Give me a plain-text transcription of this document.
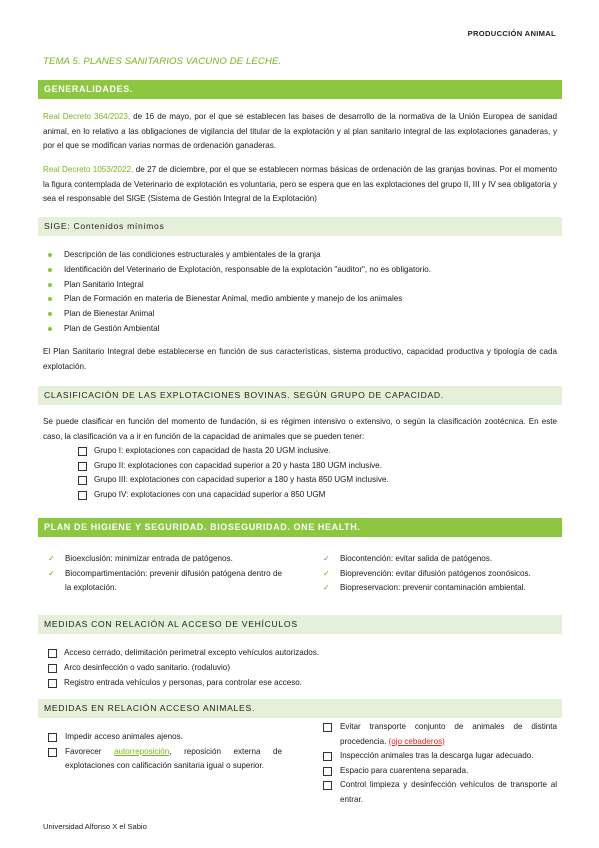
PRODUCCIÓN ANIMAL
TEMA 5. PLANES SANITARIOS VACUNO DE LECHE.
GENERALIDADES.

Real Decreto 364/2023, de 16 de mayo, por el que se establecen las bases de desarrollo de la normativa de la Unión Europea de sanidad animal, en lo relativo a las obligaciones de vigilancia del titular de la explotación y al plan sanitario integral de las explotaciones ganaderas, y por el que se modifican varias normas de ordenación ganaderas.

Real Decreto 1053/2022, de 27 de diciembre, por el que se establecen normas básicas de ordenación de las granjas bovinas. Por el momento la figura contemplada de Veterinario de explotación es voluntaria, pero se espera que en las explotaciones del grupo II, III y IV sea obligatoria y sea el responsable del SIGE (Sistema de Gestión Integral de la Explotación)

SIGE: Contenidos mínimos
Descripción de las condiciones estructurales y ambientales de la granja
Identificación del Veterinario de Explotación, responsable de la explotación "auditor", no es obligatorio.
Plan Sanitario Integral
Plan de Formación en materia de Bienestar Animal, medio ambiente y manejo de los animales
Plan de Bienestar Animal
Plan de Gestión Ambiental

El Plan Sanitario Integral debe establecerse en función de sus características, sistema productivo, capacidad productiva y tipología de cada explotación.

CLASIFICACIÓN DE LAS EXPLOTACIONES BOVINAS. SEGÚN GRUPO DE CAPACIDAD.

Se puede clasificar en función del momento de fundación, si es régimen intensivo o extensivo, o según la clasificación zootécnica. En este caso, la clasificación va a ir en función de la capacidad de animales que se pueden tener:

Grupo I: explotaciones con capacidad de hasta 20 UGM inclusive.
Grupo II: explotaciones con capacidad superior a 20 y hasta 180 UGM inclusive.
Grupo III: explotaciones con capacidad superior a 180 y hasta 850 UGM inclusive.
Grupo IV: explotaciones con una capacidad superior a 850 UGM
PLAN DE HIGIENE Y SEGURIDAD. BIOSEGURIDAD. ONE HEALTH.
✓ Bioexclusión: minimizar entrada de patógenos.
✓ Biocompartimentación: prevenir difusión patógena dentro de la explotación.
✓ Biocontención: evitar salida de patógenos.
✓ Bioprevención: evitar difusión patógenos zoonósicos.
✓ Biopreservacion: prevenir contaminación ambiental.
MEDIDAS CON RELACIÓN AL ACCESO DE VEHÍCULOS
Acceso cerrado, delimitación perimetral excepto vehículos autorizados.
Arco desinfección o vado sanitario. (rodaluvio)
Registro entrada vehículos y personas, para controlar ese acceso.
MEDIDAS EN RELACIÓN ACCESO ANIMALES.
Impedir acceso animales ajenos.
Favorecer autorreposición, reposición externa de explotaciones con calificación sanitaria igual o superior.
Evitar transporte conjunto de animales de distinta procedencia. (ojo cebaderos)
Inspección animales tras la descarga lugar adecuado.
Espacio para cuarentena separada.
Control limpieza y desinfección vehículos de transporte al entrar.
Universidad Alfonso X el Sabio
